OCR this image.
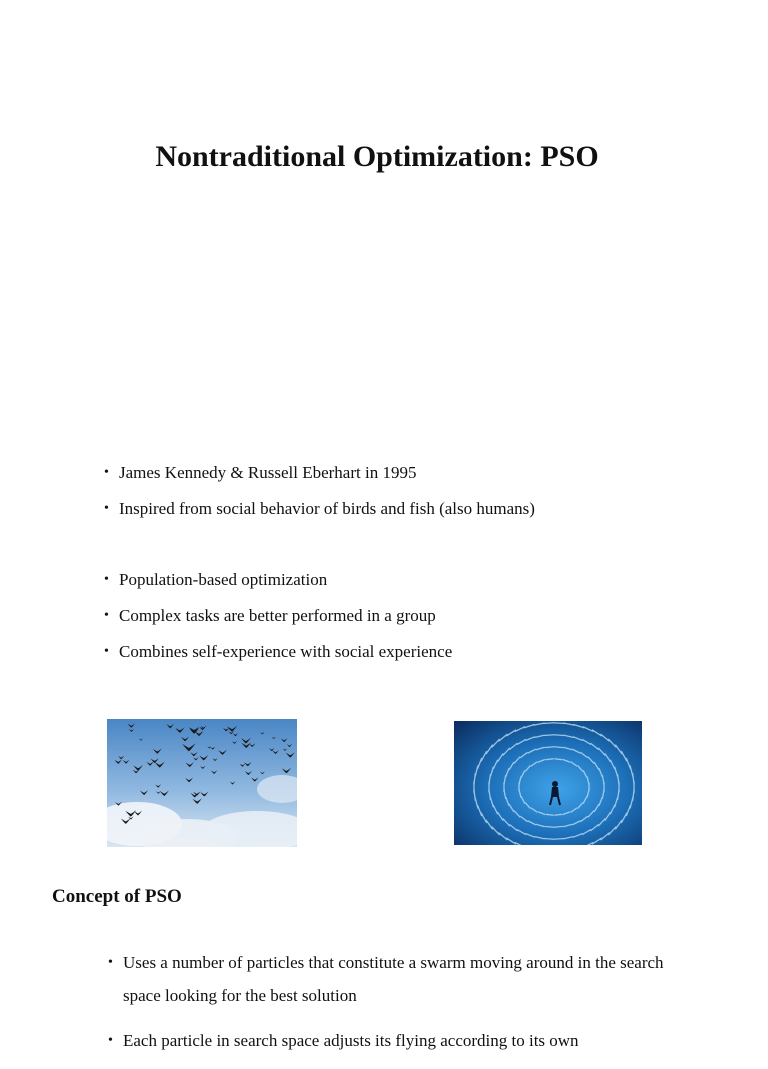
Nontraditional Optimization: PSO
• James Kennedy & Russell Eberhart in 1995
• Inspired from social behavior of birds and fish (also humans)
• Population-based optimization
• Complex tasks are better performed in a group
• Combines self-experience with social experience
Concept of PSO
• Uses a number of particles that constitute a swarm moving around in the search space looking for the best solution
• Each particle in search space adjusts its flying according to its own
